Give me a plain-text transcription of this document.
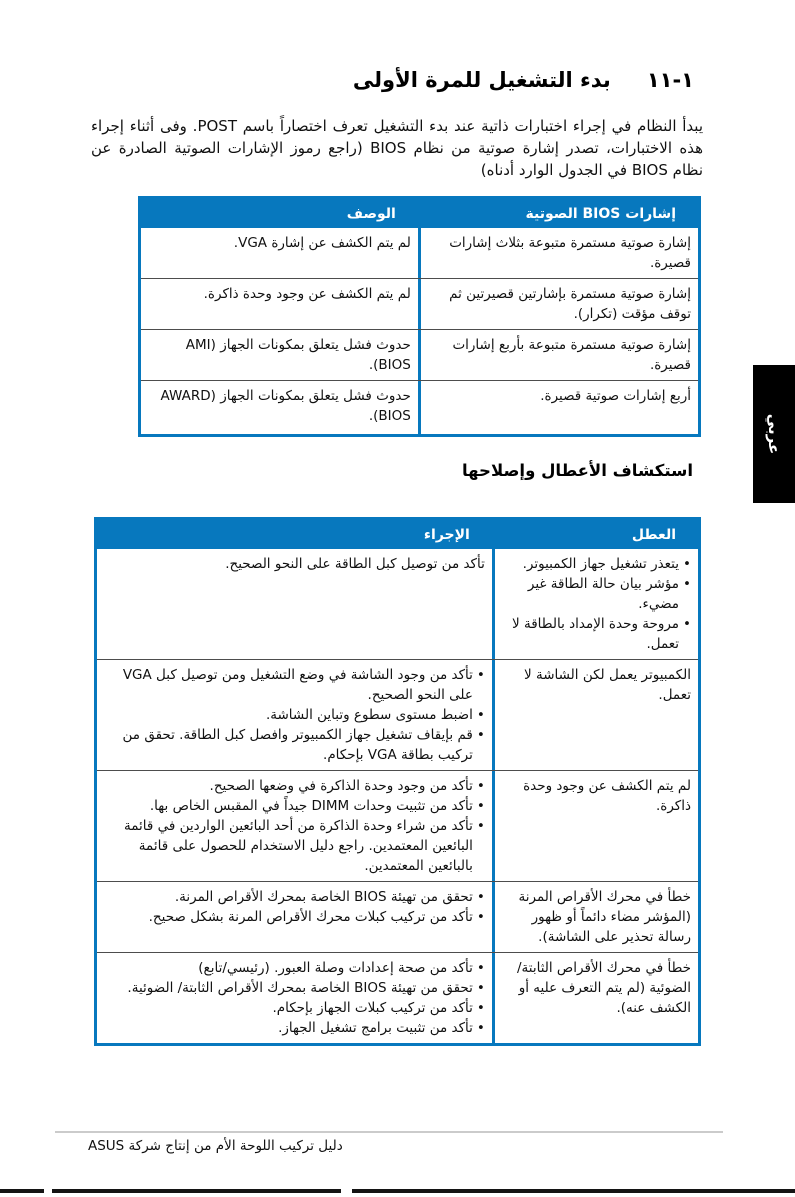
١-١١بدء التشغيل للمرة الأولى

يبدأ النظام في إجراء اختبارات ذاتية عند بدء التشغيل تعرف اختصاراً باسم POST. وفى أثناء إجراء هذه الاختبارات، تصدر إشارة صوتية من نظام BIOS (راجع رموز الإشارات الصوتية الصادرة عن نظام BIOS في الجدول الوارد أدناه)

إشارات BIOS الصوتية
الوصف
إشارة صوتية مستمرة متبوعة بثلاث إشارات قصيرة.
لم يتم الكشف عن إشارة VGA.
إشارة صوتية مستمرة بإشارتين قصيرتين ثم توقف مؤقت (تكرار).
لم يتم الكشف عن وجود وحدة ذاكرة.
إشارة صوتية مستمرة متبوعة بأربع إشارات قصيرة.
حدوث فشل يتعلق بمكونات الجهاز (AMI BIOS).
أربع إشارات صوتية قصيرة.
حدوث فشل يتعلق بمكونات الجهاز (AWARD BIOS).	عربي
استكشاف الأعطال وإصلاحها
العطل
الإجراء
•
يتعذر تشغيل جهاز الكمبيوتر.
•
مؤشر بيان حالة الطاقة غير مضيء.
•
مروحة وحدة الإمداد بالطاقة لا تعمل.
تأكد من توصيل كبل الطاقة على النحو الصحيح.
الكمبيوتر يعمل لكن الشاشة لا تعمل.
•
تأكد من وجود الشاشة في وضع التشغيل ومن توصيل كبل VGA على النحو الصحيح.
•
اضبط مستوى سطوع وتباين الشاشة.
•
قم بإيقاف تشغيل جهاز الكمبيوتر وافصل كبل الطاقة. تحقق من تركيب بطاقة VGA بإحكام.
لم يتم الكشف عن وجود وحدة ذاكرة.
•
تأكد من وجود وحدة الذاكرة في وضعها الصحيح.
•
تأكد من تثبيت وحدات DIMM جيداً في المقبس الخاص بها.
•
تأكد من شراء وحدة الذاكرة من أحد البائعين الواردين في قائمة البائعين المعتمدين. راجع دليل الاستخدام للحصول على قائمة بالبائعين المعتمدين.
خطأ في محرك الأقراص المرنة (المؤشر مضاء دائماً أو ظهور رسالة تحذير على الشاشة).
•
تحقق من تهيئة BIOS الخاصة بمحرك الأقراص المرنة.
•
تأكد من تركيب كبلات محرك الأقراص المرنة بشكل صحيح.
خطأ في محرك الأقراص الثابتة/ الضوئية (لم يتم التعرف عليه أو الكشف عنه).
•
تأكد من صحة إعدادات وصلة العبور. (رئيسي/تابع)
•
تحقق من تهيئة BIOS الخاصة بمحرك الأقراص الثابتة/ الضوئية.
•
تأكد من تركيب كبلات الجهاز بإحكام.
•
تأكد من تثبيت برامج تشغيل الجهاز.
دليل تركيب اللوحة الأم من إنتاج شركة ASUS
